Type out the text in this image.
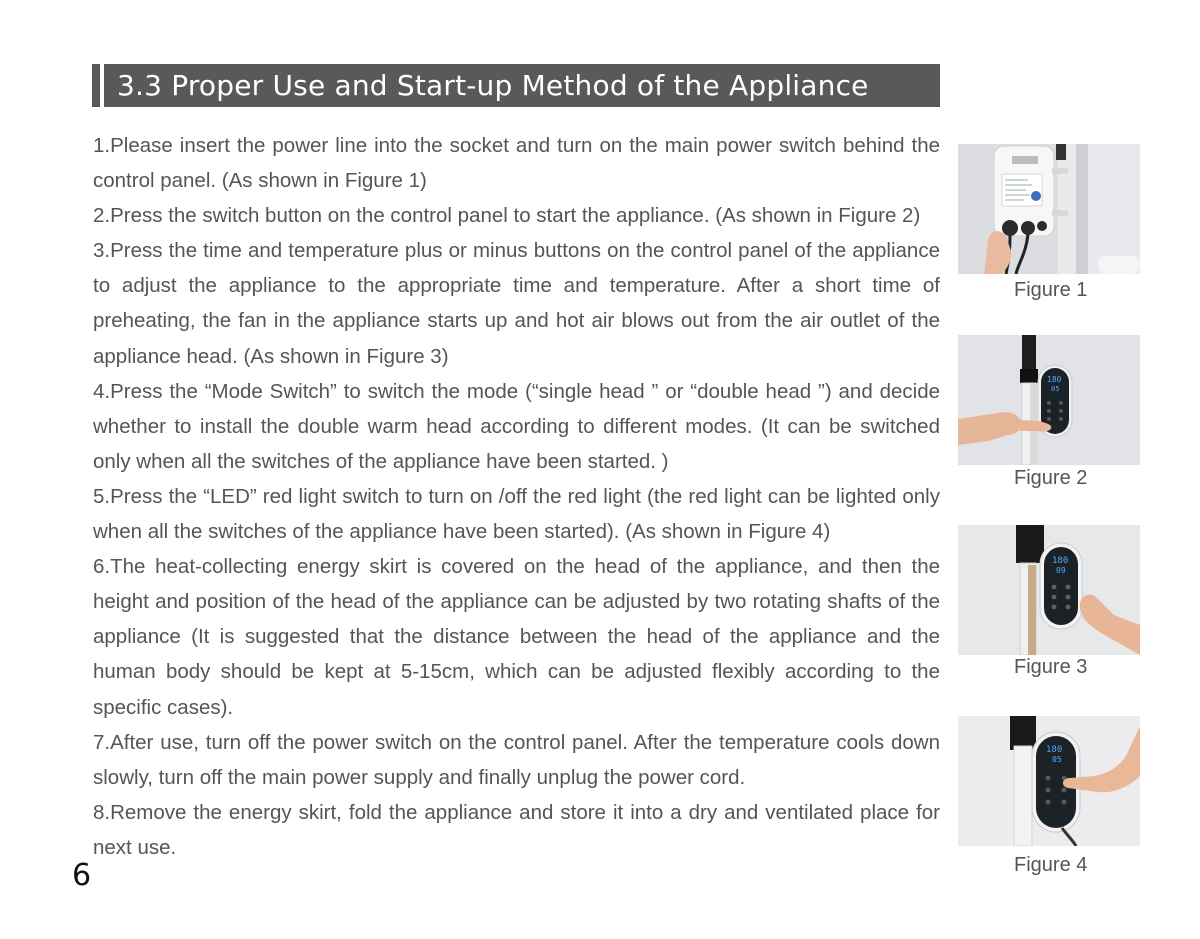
3.3 Proper Use and Start-up Method of the Appliance

1.Please insert the power line into the socket and turn on the main power switch behind the control panel. (As shown in Figure 1)

2.Press the switch button on the control panel to start the appliance. (As shown in Figure 2)

3.Press the time and temperature plus or minus buttons on the control panel of the appliance to adjust the appliance to the appropriate time and temperature. After a short time of preheating, the fan in the appliance starts up and hot air blows out from the air outlet of the appliance head. (As shown in Figure 3)

4.Press the “Mode Switch” to switch the mode (“single head ” or “double head ”) and decide whether to install the double warm head according to different modes. (It can be switched only when all the switches of the appliance have been started. )

5.Press the “LED” red light switch to turn on /off the red light (the red light can be lighted only when all the switches of the appliance have been started). (As shown in Figure 4)

6.The heat-collecting energy skirt is covered on the head of the appliance, and then the height and position of the head of the appliance can be adjusted by two rotating shafts of the appliance (It is suggested that the distance between the head of the appliance and the human body should be kept at 5-15cm, which can be adjusted flexibly according to the specific cases).

7.After use, turn off the power switch on the control panel. After the temperature cools down slowly, turn off the main power supply and finally unplug the power cord.

8.Remove the energy skirt, fold the appliance and store it into a dry and ventilated place for next use.

Figure 1
180
05
Figure 2
180
09
Figure 3
180
05
Figure 4
6
